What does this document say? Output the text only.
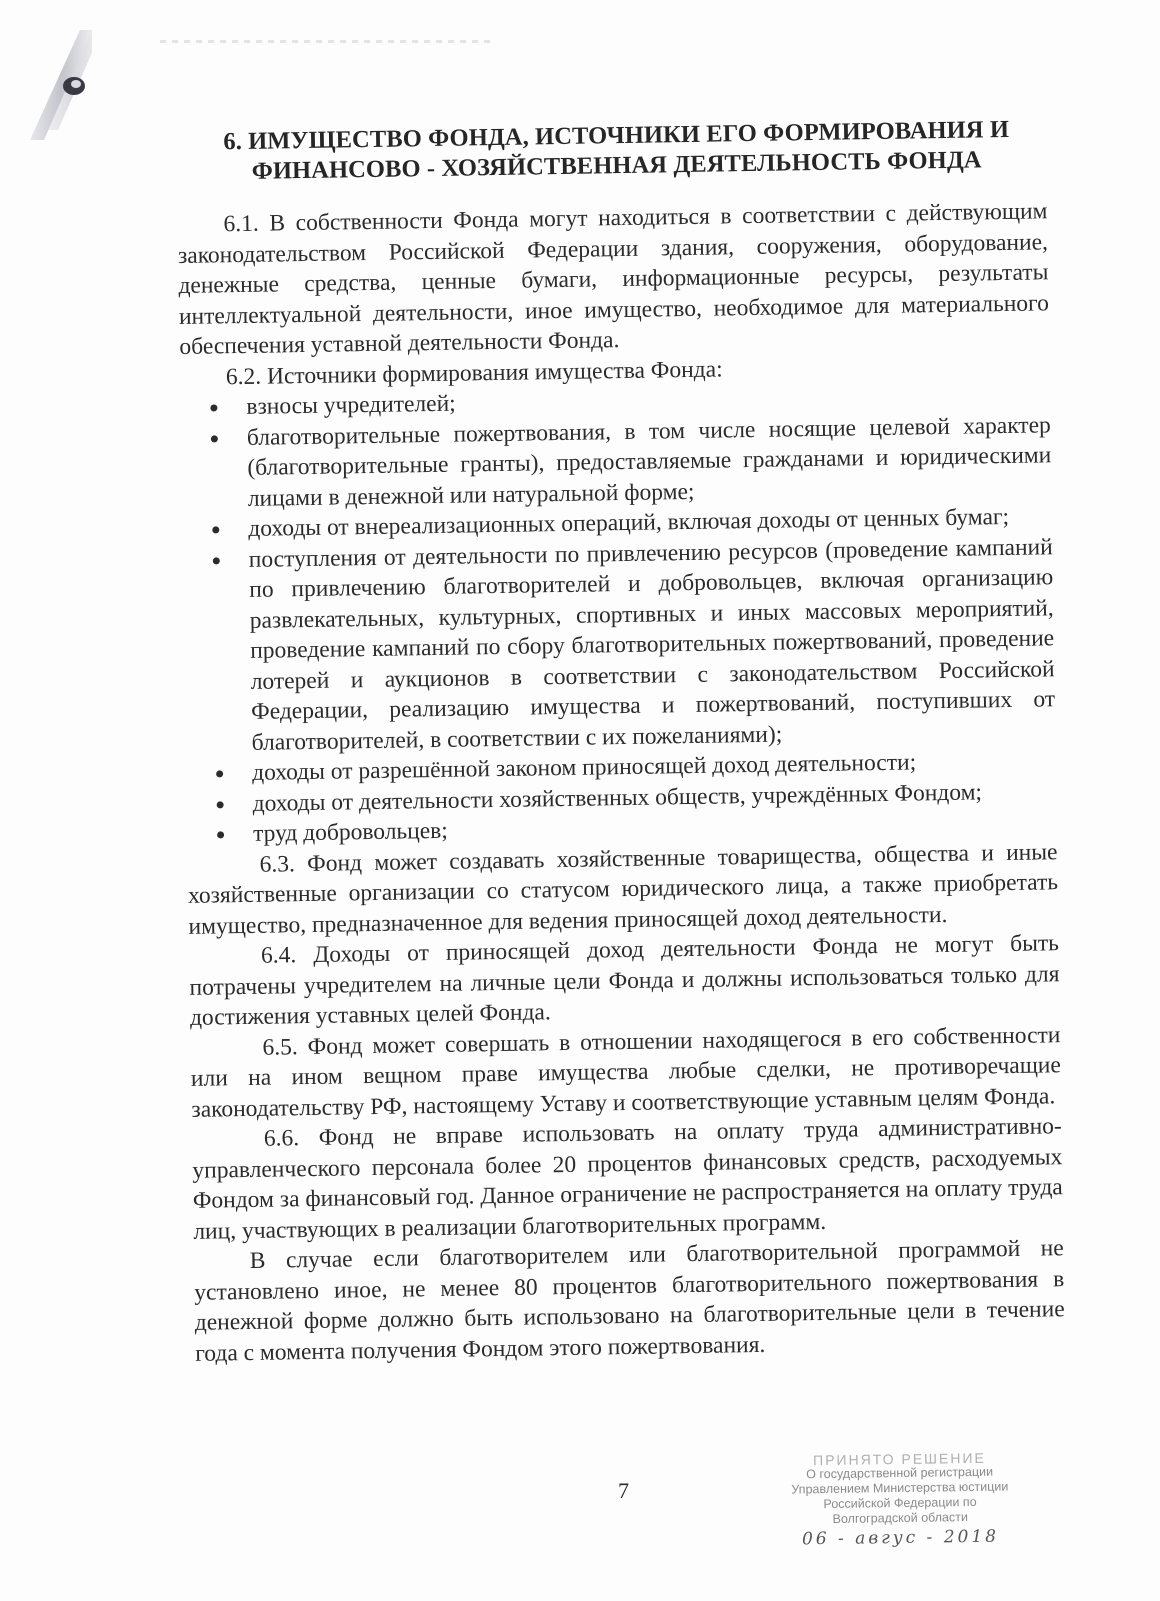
6. ИМУЩЕСТВО ФОНДА, ИСТОЧНИКИ ЕГО ФОРМИРОВАНИЯ И
ФИНАНСОВО - ХОЗЯЙСТВЕННАЯ ДЕЯТЕЛЬНОСТЬ ФОНДА

6.1. В собственности Фонда могут находиться в соответствии с действующим законодательством Российской Федерации здания, сооружения, оборудование, денежные средства, ценные бумаги, информационные ресурсы, результаты интеллектуальной деятельности, иное имущество, необходимое для материального обеспечения уставной деятельности Фонда.

6.2. Источники формирования имущества Фонда:

взносы учредителей;
благотворительные пожертвования, в том числе носящие целевой характер (благотворительные гранты), предоставляемые гражданами и юридическими лицами в денежной или натуральной форме;
доходы от внереализационных операций, включая доходы от ценных бумаг;
поступления от деятельности по привлечению ресурсов (проведение кампаний по привлечению благотворителей и добровольцев, включая организацию развлекательных, культурных, спортивных и иных массовых мероприятий, проведение кампаний по сбору благотворительных пожертвований, проведение лотерей и аукционов в соответствии с законодательством Российской Федерации, реализацию имущества и пожертвований, поступивших от благотворителей, в соответствии с их пожеланиями);
доходы от разрешённой законом приносящей доход деятельности;
доходы от деятельности хозяйственных обществ, учреждённых Фондом;
труд добровольцев;

6.3. Фонд может создавать хозяйственные товарищества, общества и иные хозяйственные организации со статусом юридического лица, а также приобретать имущество, предназначенное для ведения приносящей доход деятельности.

6.4. Доходы от приносящей доход деятельности Фонда не могут быть потрачены учредителем на личные цели Фонда и должны использоваться только для достижения уставных целей Фонда.

6.5. Фонд может совершать в отношении находящегося в его собственности или на ином вещном праве имущества любые сделки, не противоречащие законодательству РФ, настоящему Уставу и соответствующие уставным целям Фонда.

6.6. Фонд не вправе использовать на оплату труда административно-управленческого персонала более 20 процентов финансовых средств, расходуемых Фондом за финансовый год. Данное ограничение не распространяется на оплату труда лиц, участвующих в реализации благотворительных программ.

В случае если благотворителем или благотворительной программой не установлено иное, не менее 80 процентов благотворительного пожертвования в денежной форме должно быть использовано на благотворительные цели в течение года с момента получения Фондом этого пожертвования.

7
ПРИНЯТО РЕШЕНИЕ
О государственной регистрации
Управлением Министерства юстиции
Российской Федерации по
Волгоградской области
06 - авгус - 2018
